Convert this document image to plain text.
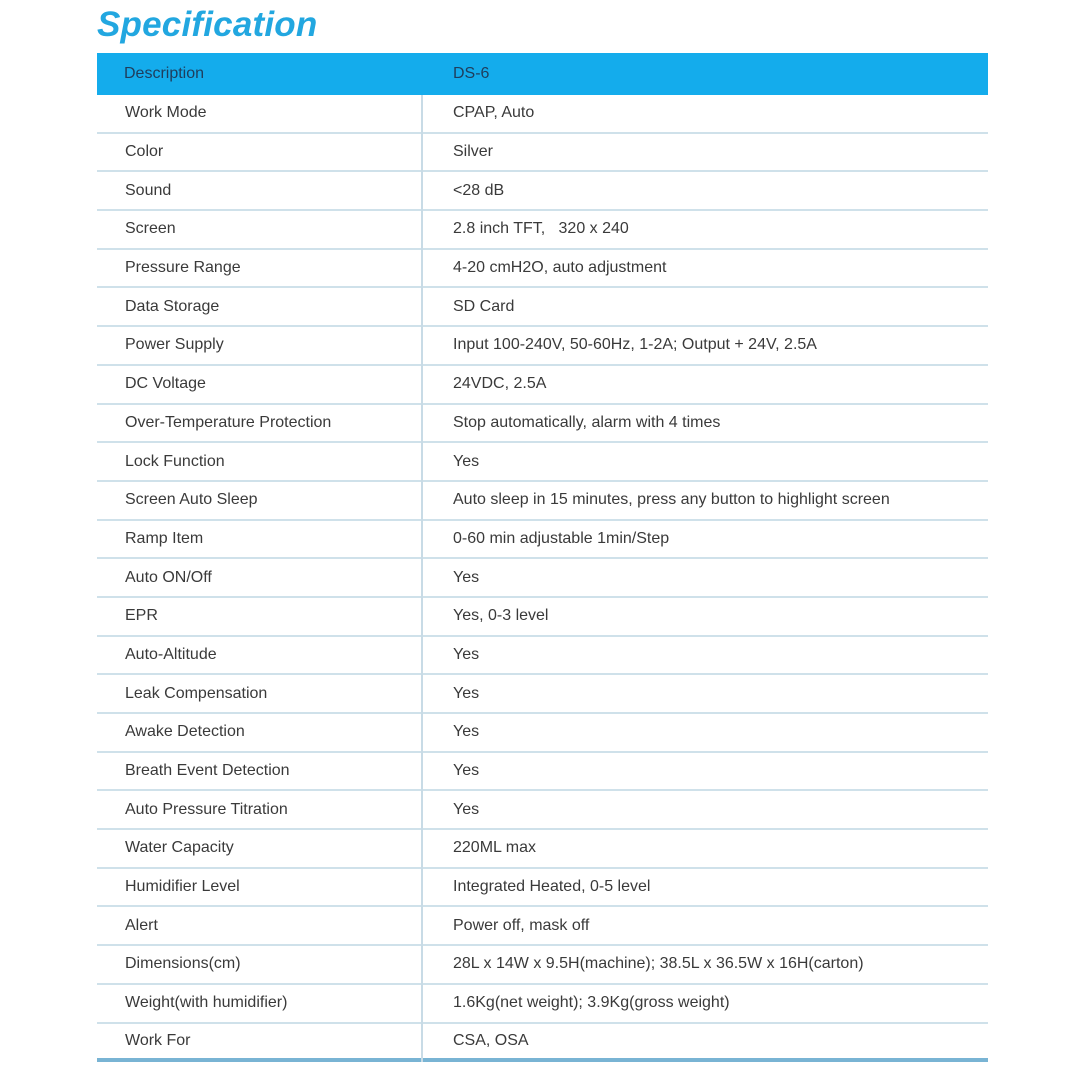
Specification
Description	DS-6
Work Mode	CPAP, Auto
Color	Silver
Sound	<28 dB
Screen	2.8 inch TFT,   320 x 240
Pressure Range	4-20 cmH2O, auto adjustment
Data Storage	SD Card
Power Supply	Input 100-240V, 50-60Hz, 1-2A; Output + 24V, 2.5A
DC Voltage	24VDC, 2.5A
Over-Temperature Protection	Stop automatically, alarm with 4 times
Lock Function	Yes
Screen Auto Sleep	Auto sleep in 15 minutes, press any button to highlight screen
Ramp Item	0-60 min adjustable 1min/Step
Auto ON/Off	Yes
EPR	Yes, 0-3 level
Auto-Altitude	Yes
Leak Compensation	Yes
Awake Detection	Yes
Breath Event Detection	Yes
Auto Pressure Titration	Yes
Water Capacity	220ML max
Humidifier Level	Integrated Heated, 0-5 level
Alert	Power off, mask off
Dimensions(cm)	28L x 14W x 9.5H(machine); 38.5L x 36.5W x 16H(carton)
Weight(with humidifier)	1.6Kg(net weight); 3.9Kg(gross weight)
Work For	CSA, OSA
